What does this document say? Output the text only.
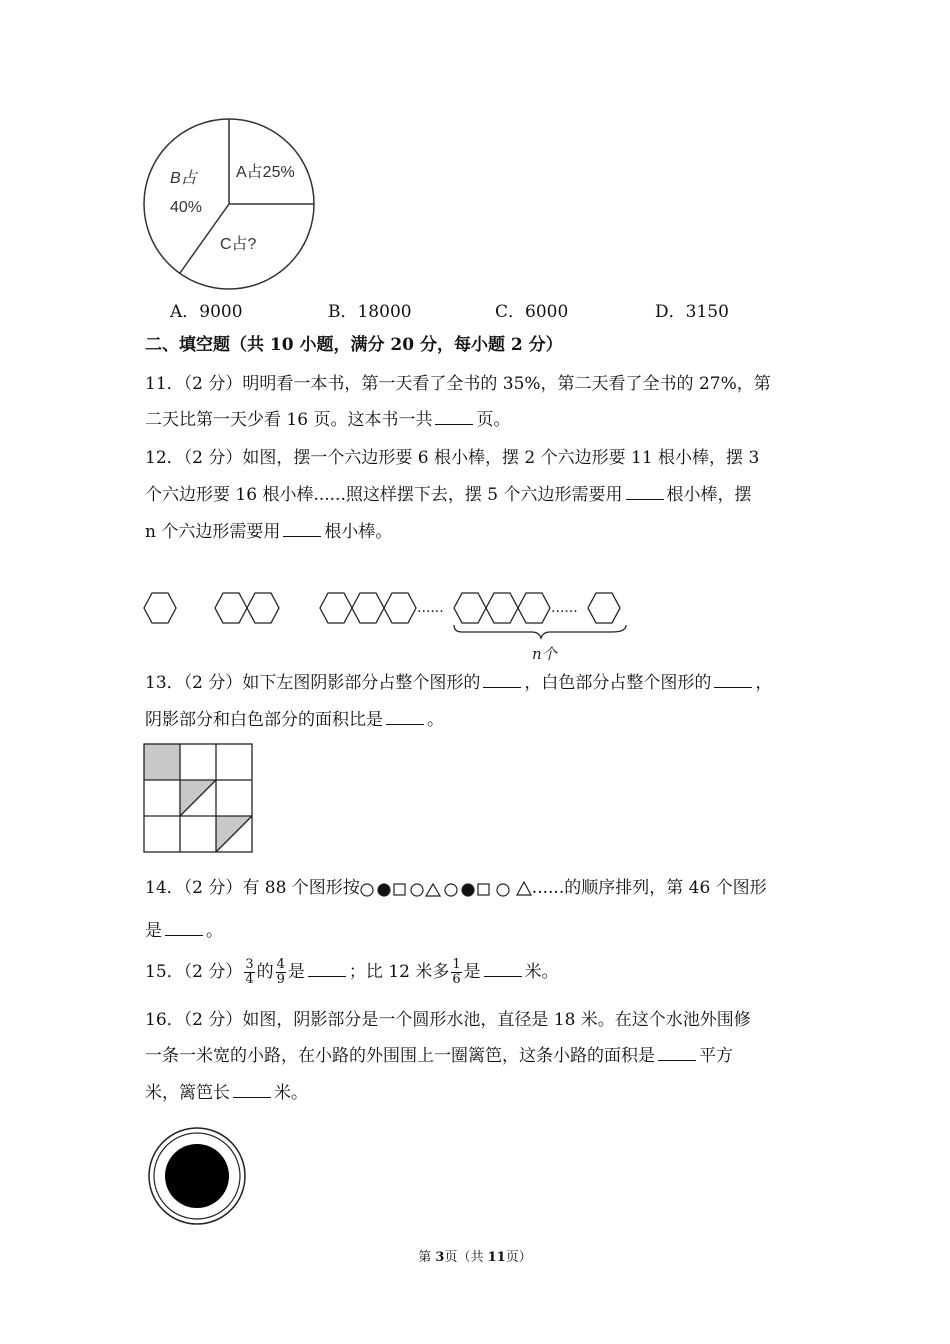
A占25%
B占
40%
C占?
A．9000	B．18000	C．6000	D．3150
二、填空题（共 10 小题，满分 20 分，每小题 2 分）
11．（2 分）明明看一本书，第一天看了全书的 35%，第二天看了全书的 27%，第
二天比第一天少看 16 页。这本书一共	页。
12．（2 分）如图，摆一个六边形要 6 根小棒，摆 2 个六边形要 11 根小棒，摆 3
个六边形要 16 根小棒......照这样摆下去，摆 5 个六边形需要用	根小棒，摆
n 个六边形需要用	根小棒。
......	......
n个
13．（2 分）如下左图阴影部分占整个图形的	，白色部分占整个图形的	，
阴影部分和白色部分的面积比是	。
14．（2 分）有 88 个图形按	......的顺序排列，第 46 个图形
是	。
15．（2 分） $\frac{3}{4}$ 的 $\frac{4}{9}$ 是	；比 12 米多 $\frac{1}{6}$ 是	米。
16．（2 分）如图，阴影部分是一个圆形水池，直径是 18 米。在这个水池外围修
一条一米宽的小路，在小路的外围围上一圈篱笆，这条小路的面积是	平方
米，篱笆长	米。
第 3页（共 11页）
